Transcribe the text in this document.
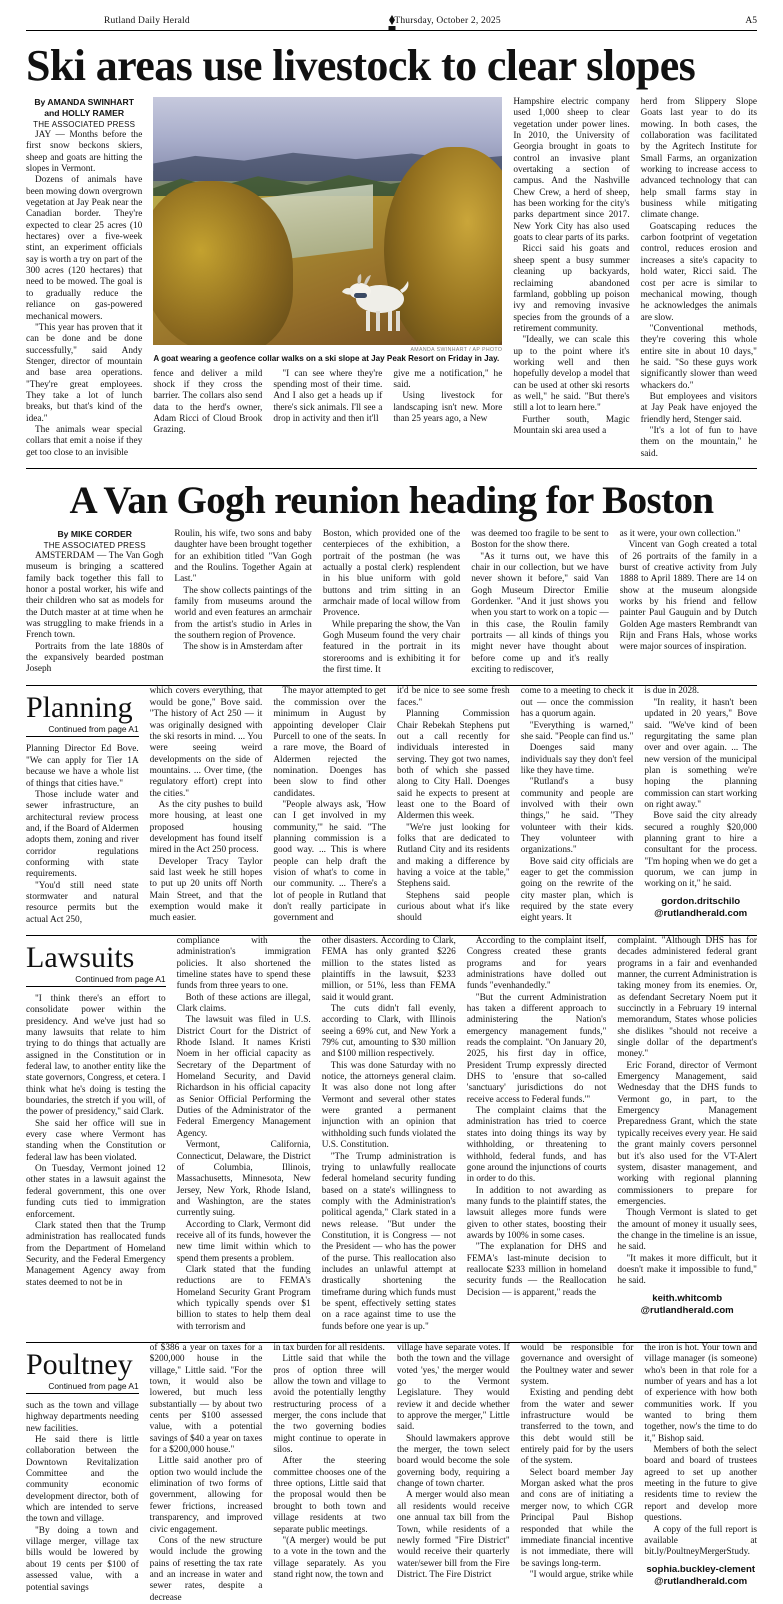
Rutland Daily Herald	Thursday, October 2, 2025	A5
Ski areas use livestock to clear slopes
By AMANDA SWINHART
and HOLLY RAMER
THE ASSOCIATED PRESS

JAY — Months before the first snow beckons skiers, sheep and goats are hitting the slopes in Vermont.

Dozens of animals have been mowing down overgrown vegetation at Jay Peak near the Canadian border. They're expected to clear 25 acres (10 hectares) over a five-week stint, an experiment officials say is worth a try on part of the 300 acres (120 hectares) that need to be mowed. The goal is to gradually reduce the reliance on gas-powered mechanical mowers.

"This year has proven that it can be done and be done successfully," said Andy Stenger, director of mountain and base area operations. "They're great employees. They take a lot of lunch breaks, but that's kind of the idea."

The animals wear special collars that emit a noise if they get too close to an invisible

AMANDA SWINHART / AP PHOTO
A goat wearing a geofence collar walks on a ski slope at Jay Peak Resort on Friday in Jay.

fence and deliver a mild shock if they cross the barrier. The collars also send data to the herd's owner, Adam Ricci of Cloud Brook Grazing.

"I can see where they're spending most of their time. And I also get a heads up if there's sick animals. I'll see a drop in activity and then it'll

give me a notification," he said.

Using livestock for landscaping isn't new. More than 25 years ago, a New

Hampshire electric company used 1,000 sheep to clear vegetation under power lines. In 2010, the University of Georgia brought in goats to control an invasive plant overtaking a section of campus. And the Nashville Chew Crew, a herd of sheep, has been working for the city's parks department since 2017. New York City has also used goats to clear parts of its parks.

Ricci said his goats and sheep spent a busy summer cleaning up backyards, reclaiming abandoned farmland, gobbling up poison ivy and removing invasive species from the grounds of a retirement community.

"Ideally, we can scale this up to the point where it's working well and then hopefully develop a model that can be used at other ski resorts as well," he said. "But there's still a lot to learn here."

Further south, Magic Mountain ski area used a

herd from Slippery Slope Goats last year to do its mowing. In both cases, the collaboration was facilitated by the Agritech Institute for Small Farms, an organization working to increase access to advanced technology that can help small farms stay in business while mitigating climate change.

Goatscaping reduces the carbon footprint of vegetation control, reduces erosion and increases a site's capacity to hold water, Ricci said. The cost per acre is similar to mechanical mowing, though he acknowledges the animals are slow.

"Conventional methods, they're covering this whole entire site in about 10 days," he said. "So these guys work significantly slower than weed whackers do."

But employees and visitors at Jay Peak have enjoyed the friendly herd, Stenger said.

"It's a lot of fun to have them on the mountain," he said.

A Van Gogh reunion heading for Boston
By MIKE CORDER
THE ASSOCIATED PRESS

AMSTERDAM — The Van Gogh museum is bringing a scattered family back together this fall to honor a postal worker, his wife and their children who sat as models for the Dutch master at at time when he was struggling to make friends in a French town.

Portraits from the late 1880s of the expansively bearded postman Joseph

Roulin, his wife, two sons and baby daughter have been brought together for an exhibition titled "Van Gogh and the Roulins. Together Again at Last."

The show collects paintings of the family from museums around the world and even features an armchair from the artist's studio in Arles in the southern region of Provence.

The show is in Amsterdam after

Boston, which provided one of the centerpieces of the exhibition, a portrait of the postman (he was actually a postal clerk) resplendent in his blue uniform with gold buttons and trim sitting in an armchair made of local willow from Provence.

While preparing the show, the Van Gogh Museum found the very chair featured in the portrait in its storerooms and is exhibiting it for the first time. It

was deemed too fragile to be sent to Boston for the show there.

"As it turns out, we have this chair in our collection, but we have never shown it before," said Van Gogh Museum Director Emilie Gordenker. "And it just shows you when you start to work on a topic — in this case, the Roulin family portraits — all kinds of things you might never have thought about before come up and it's really exciting to rediscover,

as it were, your own collection."

Vincent van Gogh created a total of 26 portraits of the family in a burst of creative activity from July 1888 to April 1889. There are 14 on show at the museum alongside works by his friend and fellow painter Paul Gauguin and by Dutch Golden Age masters Rembrandt van Rijn and Frans Hals, whose works were major sources of inspiration.

Planning
Continued from page A1

Planning Director Ed Bove. "We can apply for Tier 1A because we have a whole list of things that cities have."

Those include water and sewer infrastructure, an architectural review process and, if the Board of Aldermen adopts them, zoning and river corridor regulations conforming with state requirements.

"You'd still need state stormwater and natural resource permits but the actual Act 250,

which covers everything, that would be gone," Bove said. "The history of Act 250 — it was originally designed with the ski resorts in mind. ... You were seeing weird developments on the side of mountains. ... Over time, (the regulatory effort) crept into the cities."

As the city pushes to build more housing, at least one proposed housing development has found itself mired in the Act 250 process.

Developer Tracy Taylor said last week he still hopes to put up 20 units off North Main Street, and that the exemption would make it much easier.

The mayor attempted to get the commission over the minimum in August by appointing developer Clair Purcell to one of the seats. In a rare move, the Board of Aldermen rejected the nomination. Doenges has been slow to find other candidates.

"People always ask, 'How can I get involved in my community,'" he said. "The planning commission is a good way. ... This is where people can help draft the vision of what's to come in our community. ... There's a lot of people in Rutland that don't really participate in government and

it'd be nice to see some fresh faces."

Planning Commission Chair Rebekah Stephens put out a call recently for individuals interested in serving. They got two names, both of which she passed along to City Hall. Doenges said he expects to present at least one to the Board of Aldermen this week.

"We're just looking for folks that are dedicated to Rutland City and its residents and making a difference by having a voice at the table," Stephens said.

Stephens said people curious about what it's like should

come to a meeting to check it out — once the commission has a quorum again.

"Everything is warned," she said. "People can find us."

Doenges said many individuals say they don't feel like they have time.

"Rutland's a busy community and people are involved with their own things," he said. "They volunteer with their kids. They volunteer with organizations."

Bove said city officials are eager to get the commission going on the rewrite of the city master plan, which is required by the state every eight years. It

is due in 2028.

"In reality, it hasn't been updated in 20 years," Bove said. "We've kind of been regurgitating the same plan over and over again. ... The new version of the municipal plan is something we're hoping the planning commission can start working on right away."

Bove said the city already secured a roughly $20,000 planning grant to hire a consultant for the process. "I'm hoping when we do get a quorum, we can jump in working on it," he said.

gordon.dritschilo
@rutlandherald.com
Lawsuits
Continued from page A1

"I think there's an effort to consolidate power within the presidency. And we've just had so many lawsuits that relate to him trying to do things that actually are assigned in the Constitution or in federal law, to another entity like the state governors, Congress, et cetera. I think what he's doing is testing the boundaries, the stretch if you will, of the power of presidency," said Clark.

She said her office will sue in every case where Vermont has standing when the Constitution or federal law has been violated.

On Tuesday, Vermont joined 12 other states in a lawsuit against the federal government, this one over funding cuts tied to immigration enforcement.

Clark stated then that the Trump administration has reallocated funds from the Department of Homeland Security, and the Federal Emergency Management Agency away from states deemed to not be in

compliance with the administration's immigration policies. It also shortened the timeline states have to spend these funds from three years to one.

Both of these actions are illegal, Clark claims.

The lawsuit was filed in U.S. District Court for the District of Rhode Island. It names Kristi Noem in her official capacity as Secretary of the Department of Homeland Security, and David Richardson in his official capacity as Senior Official Performing the Duties of the Administrator of the Federal Emergency Management Agency.

Vermont, California, Connecticut, Delaware, the District of Columbia, Illinois, Massachusetts, Minnesota, New Jersey, New York, Rhode Island, and Washington, are the states currently suing.

According to Clark, Vermont did receive all of its funds, however the new time limit within which to spend them presents a problem.

Clark stated that the funding reductions are to FEMA's Homeland Security Grant Program which typically spends over $1 billion to states to help them deal with terrorism and

other disasters. According to Clark, FEMA has only granted $226 million to the states listed as plaintiffs in the lawsuit, $233 million, or 51%, less than FEMA said it would grant.

The cuts didn't fall evenly, according to Clark, with Illinois seeing a 69% cut, and New York a 79% cut, amounting to $30 million and $100 million respectively.

This was done Saturday with no notice, the attorneys general claim. It was also done not long after Vermont and several other states were granted a permanent injunction with an opinion that withholding such funds violated the U.S. Constitution.

"The Trump administration is trying to unlawfully reallocate federal homeland security funding based on a state's willingness to comply with the Administration's political agenda," Clark stated in a news release. "But under the Constitution, it is Congress — not the President — who has the power of the purse. This reallocation also includes an unlawful attempt at drastically shortening the timeframe during which funds must be spent, effectively setting states on a race against time to use the funds before one year is up."

According to the complaint itself, Congress created these grants programs and for years administrations have dolled out funds "evenhandedly."

"But the current Administration has taken a different approach to administering the Nation's emergency management funds," reads the complaint. "On January 20, 2025, his first day in office, President Trump expressly directed DHS to 'ensure that so-called 'sanctuary' jurisdictions do not receive access to Federal funds.'"

The complaint claims that the administration has tried to coerce states into doing things its way by withholding, or threatening to withhold, federal funds, and has gone around the injunctions of courts in order to do this.

In addition to not awarding as many funds to the plaintiff states, the lawsuit alleges more funds were given to other states, boosting their awards by 100% in some cases.

"The explanation for DHS and FEMA's last-minute decision to reallocate $233 million in homeland security funds — the Reallocation Decision — is apparent," reads the

complaint. "Although DHS has for decades administered federal grant programs in a fair and evenhanded manner, the current Administration is taking money from its enemies. Or, as defendant Secretary Noem put it succinctly in a February 19 internal memorandum, States whose policies she dislikes "should not receive a single dollar of the department's money."

Eric Forand, director of Vermont Emergency Management, said Wednesday that the DHS funds to Vermont go, in part, to the Emergency Management Preparedness Grant, which the state typically receives every year. He said the grant mainly covers personnel but it's also used for the VT-Alert system, disaster management, and working with regional planning commissioners to prepare for emergencies.

Though Vermont is slated to get the amount of money it usually sees, the change in the timeline is an issue, he said.

"It makes it more difficult, but it doesn't make it impossible to fund," he said.

keith.whitcomb
@rutlandherald.com
Poultney
Continued from page A1

such as the town and village highway departments needing new facilities.

He said there is little collaboration between the Downtown Revitalization Committee and the community economic development director, both of which are intended to serve the town and village.

"By doing a town and village merger, village tax bills would be lowered by about 19 cents per $100 of assessed value, with a potential savings

of $386 a year on taxes for a $200,000 house in the village," Little said. "For the town, it would also be lowered, but much less substantially — by about two cents per $100 assessed value, with a potential savings of $40 a year on taxes for a $200,000 house."

Little said another pro of option two would include the elimination of two forms of government, allowing for fewer frictions, increased transparency, and improved civic engagement.

Cons of the new structure would include the growing pains of resetting the tax rate and an increase in water and sewer rates, despite a decrease

in tax burden for all residents.

Little said that while the pros of option three will allow the town and village to avoid the potentially lengthy restructuring process of a merger, the cons include that the two governing bodies might continue to operate in silos.

After the steering committee chooses one of the three options, Little said that the proposal would then be brought to both town and village residents at two separate public meetings.

"(A merger) would be put to a vote in the town and the village separately. As you stand right now, the town and

village have separate votes. If both the town and the village voted 'yes,' the merger would go to the Vermont Legislature. They would review it and decide whether to approve the merger," Little said.

Should lawmakers approve the merger, the town select board would become the sole governing body, requiring a change of town charter.

A merger would also mean all residents would receive one annual tax bill from the Town, while residents of a newly formed "Fire District" would receive their quarterly water/sewer bill from the Fire District. The Fire District

would be responsible for governance and oversight of the Poultney water and sewer system.

Existing and pending debt from the water and sewer infrastructure would be transferred to the town, and this debt would still be entirely paid for by the users of the system.

Select board member Jay Morgan asked what the pros and cons are of initiating a merger now, to which CGR Principal Paul Bishop responded that while the immediate financial incentive is not immediate, there will be savings long-term.

"I would argue, strike while

the iron is hot. Your town and village manager (is someone) who's been in that role for a number of years and has a lot of experience with how both communities work. If you wanted to bring them together, now's the time to do it," Bishop said.

Members of both the select board and board of trustees agreed to set up another meeting in the future to give residents time to review the report and develop more questions.

A copy of the full report is available at bit.ly/PoultneyMergerStudy.

sophia.buckley-clement
@rutlandherald.com
